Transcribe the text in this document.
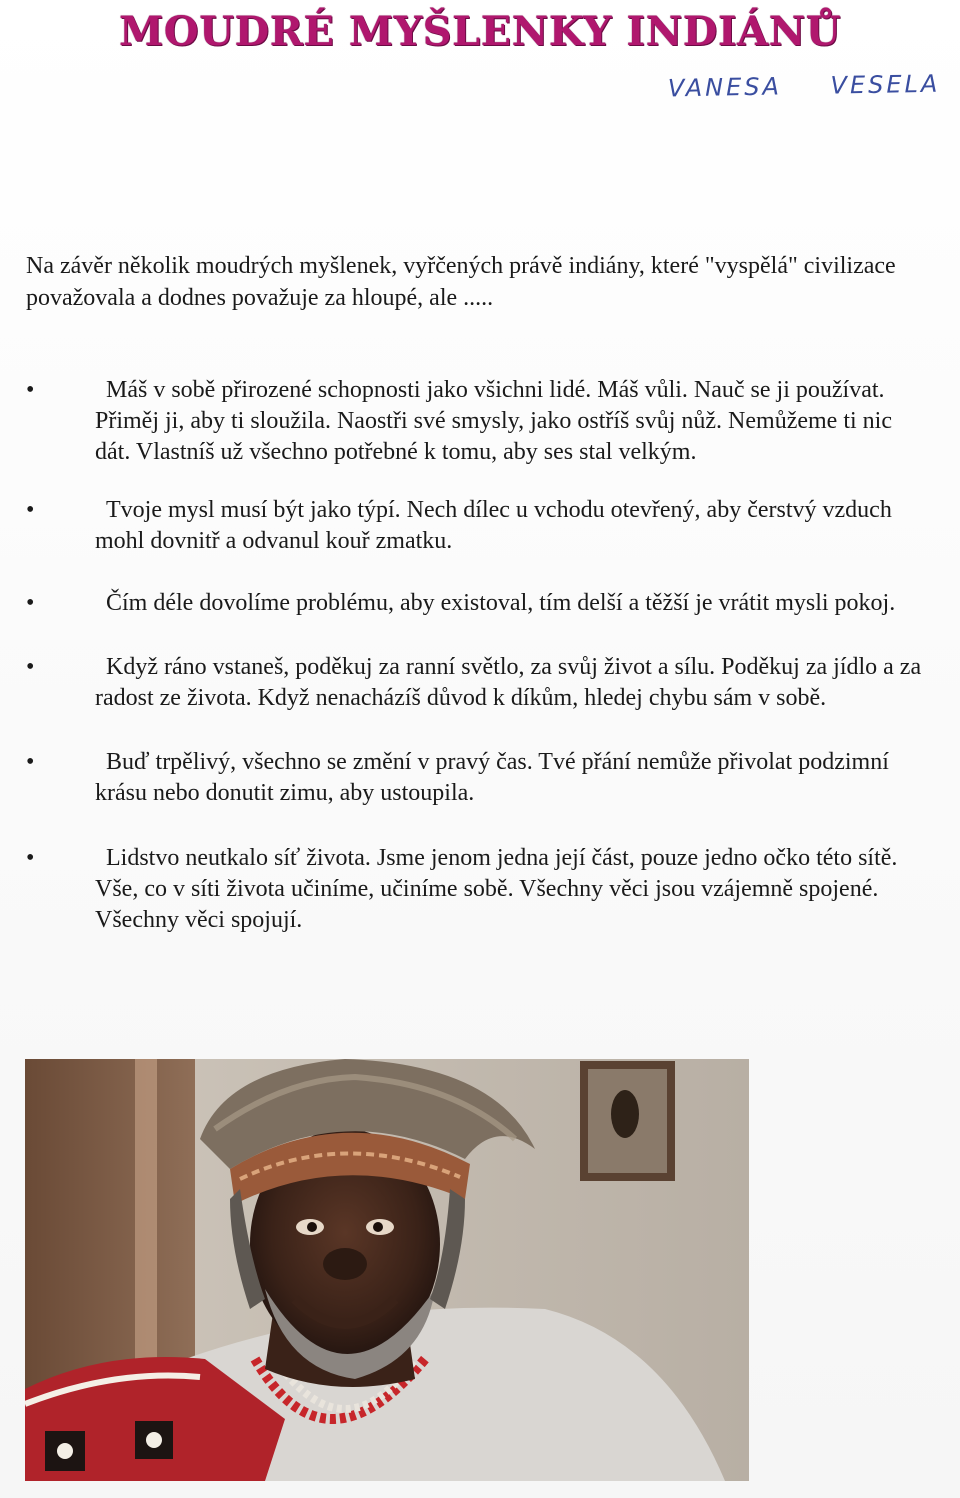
MOUDRÉ MYŠLENKY INDIÁNŮ
VANESA VESELA
Na závěr několik moudrých myšlenek, vyřčených právě indiány, které "vyspělá" civilizace považovala a dodnes považuje za hloupé, ale .....
•	Máš v sobě přirozené schopnosti jako všichni lidé. Máš vůli. Nauč se ji používat. Přiměj ji, aby ti sloužila. Naostři své smysly, jako ostříš svůj nůž. Nemůžeme ti nic dát. Vlastníš už všechno potřebné k tomu, aby ses stal velkým.
•	Tvoje mysl musí být jako týpí. Nech dílec u vchodu otevřený, aby čerstvý vzduch mohl dovnitř a odvanul kouř zmatku.
•	Čím déle dovolíme problému, aby existoval, tím delší a těžší je vrátit mysli pokoj.
•	Když ráno vstaneš, poděkuj za ranní světlo, za svůj život a sílu. Poděkuj za jídlo a za radost ze života. Když nenacházíš důvod k díkům, hledej chybu sám v sobě.
•	Buď trpělivý, všechno se změní v pravý čas. Tvé přání nemůže přivolat podzimní krásu nebo donutit zimu, aby ustoupila.
•	Lidstvo neutkalo síť života. Jsme jenom jedna její část, pouze jedno očko této sítě. Vše, co v síti života učiníme, učiníme sobě. Všechny věci jsou vzájemně spojené. Všechny věci spojují.
